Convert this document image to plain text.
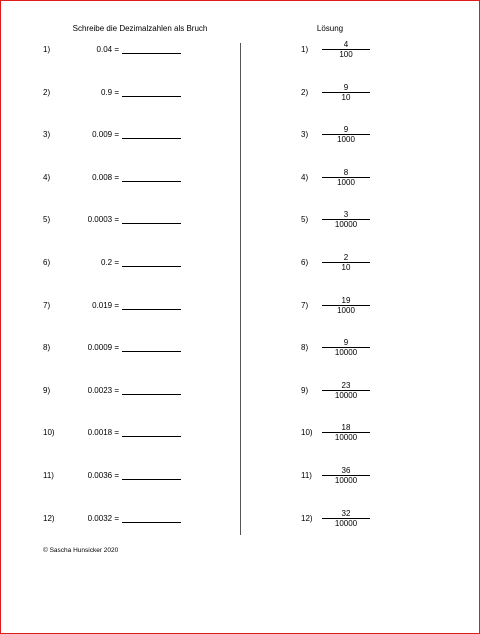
Schreibe die Dezimalzahlen als Bruch	Lösung
1)	0.04 =	1)
4
100
2)	0.9 =	2)
9
10
3)	0.009 =	3)
9
1000
4)	0.008 =	4)
8
1000
5)	0.0003 =	5)
3
10000
6)	0.2 =	6)
2
10
7)	0.019 =	7)
19
1000
8)	0.0009 =	8)
9
10000
9)	0.0023 =	9)
23
10000
10)	0.0018 =	10)
18
10000
11)	0.0036 =	11)
36
10000
12)	0.0032 =	12)
32
10000
© Sascha Hunsicker 2020
